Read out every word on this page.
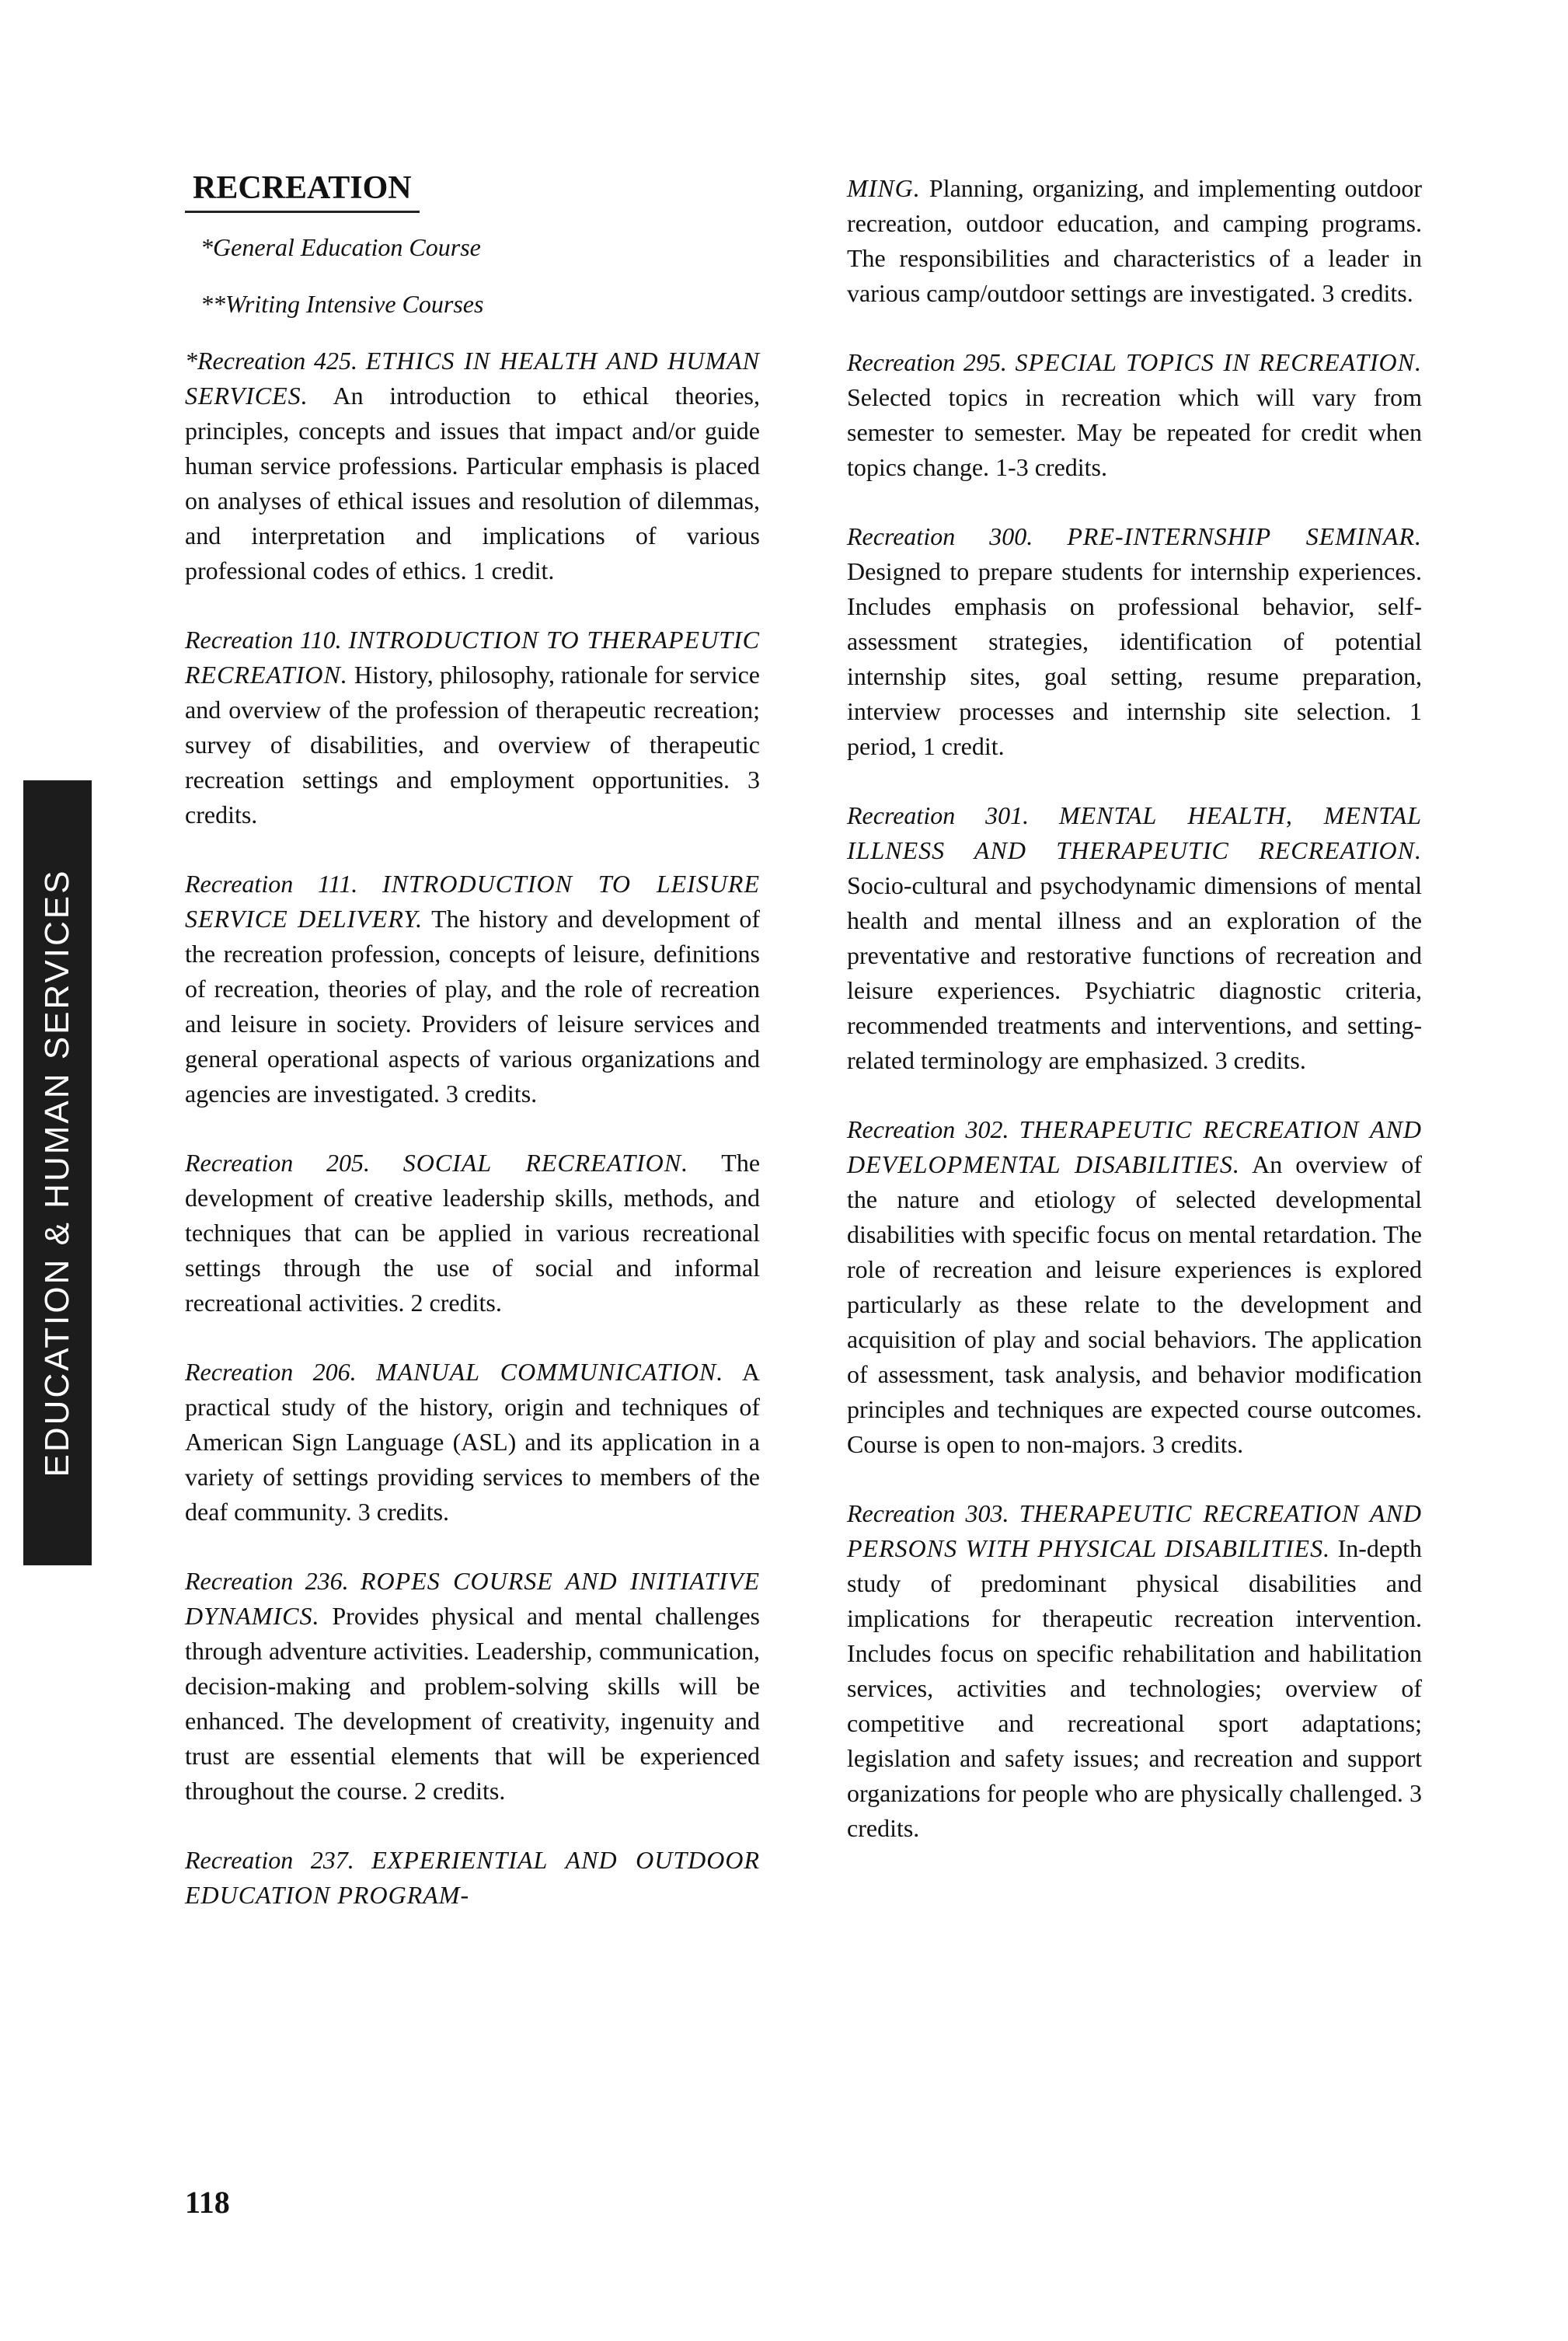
EDUCATION & HUMAN SERVICES
RECREATION
*General Education Course
**Writing Intensive Courses

*Recreation 425. ETHICS IN HEALTH AND HUMAN SERVICES. An introduction to ethical theories, principles, concepts and issues that impact and/or guide human service professions. Particular emphasis is placed on analyses of ethical issues and resolution of dilemmas, and interpretation and implications of various professional codes of ethics. 1 credit.

Recreation 110. INTRODUCTION TO THERAPEUTIC RECREATION. History, philosophy, rationale for service and overview of the profession of therapeutic recreation; survey of disabilities, and overview of therapeutic recreation settings and employment opportunities. 3 credits.

Recreation 111. INTRODUCTION TO LEISURE SERVICE DELIVERY. The history and development of the recreation profession, concepts of leisure, definitions of recreation, theories of play, and the role of recreation and leisure in society. Providers of leisure services and general operational aspects of various organizations and agencies are investigated. 3 credits.

Recreation 205. SOCIAL RECREATION. The development of creative leadership skills, methods, and techniques that can be applied in various recreational settings through the use of social and informal recreational activities. 2 credits.

Recreation 206. MANUAL COMMUNICATION. A practical study of the history, origin and techniques of American Sign Language (ASL) and its application in a variety of settings providing services to members of the deaf community. 3 credits.

Recreation 236. ROPES COURSE AND INITIATIVE DYNAMICS. Provides physical and mental challenges through adventure activities. Leadership, communication, decision-making and problem-solving skills will be enhanced. The development of creativity, ingenuity and trust are essential elements that will be experienced throughout the course. 2 credits.

Recreation 237. EXPERIENTIAL AND OUTDOOR EDUCATION PROGRAM-

MING. Planning, organizing, and implementing outdoor recreation, outdoor education, and camping programs. The responsibilities and characteristics of a leader in various camp/outdoor settings are investigated. 3 credits.

Recreation 295. SPECIAL TOPICS IN RECREATION. Selected topics in recreation which will vary from semester to semester. May be repeated for credit when topics change. 1-3 credits.

Recreation 300. PRE-INTERNSHIP SEMINAR. Designed to prepare students for internship experiences. Includes emphasis on professional behavior, self-assessment strategies, identification of potential internship sites, goal setting, resume preparation, interview processes and internship site selection. 1 period, 1 credit.

Recreation 301. MENTAL HEALTH, MENTAL ILLNESS AND THERAPEUTIC RECREATION. Socio-cultural and psychodynamic dimensions of mental health and mental illness and an exploration of the preventative and restorative functions of recreation and leisure experiences. Psychiatric diagnostic criteria, recommended treatments and interventions, and setting-related terminology are emphasized. 3 credits.

Recreation 302. THERAPEUTIC RECREATION AND DEVELOPMENTAL DISABILITIES. An overview of the nature and etiology of selected developmental disabilities with specific focus on mental retardation. The role of recreation and leisure experiences is explored particularly as these relate to the development and acquisition of play and social behaviors. The application of assessment, task analysis, and behavior modification principles and techniques are expected course outcomes. Course is open to non-majors. 3 credits.

Recreation 303. THERAPEUTIC RECREATION AND PERSONS WITH PHYSICAL DISABILITIES. In-depth study of predominant physical disabilities and implications for therapeutic recreation intervention. Includes focus on specific rehabilitation and habilitation services, activities and technologies; overview of competitive and recreational sport adaptations; legislation and safety issues; and recreation and support organizations for people who are physically challenged. 3 credits.

118
